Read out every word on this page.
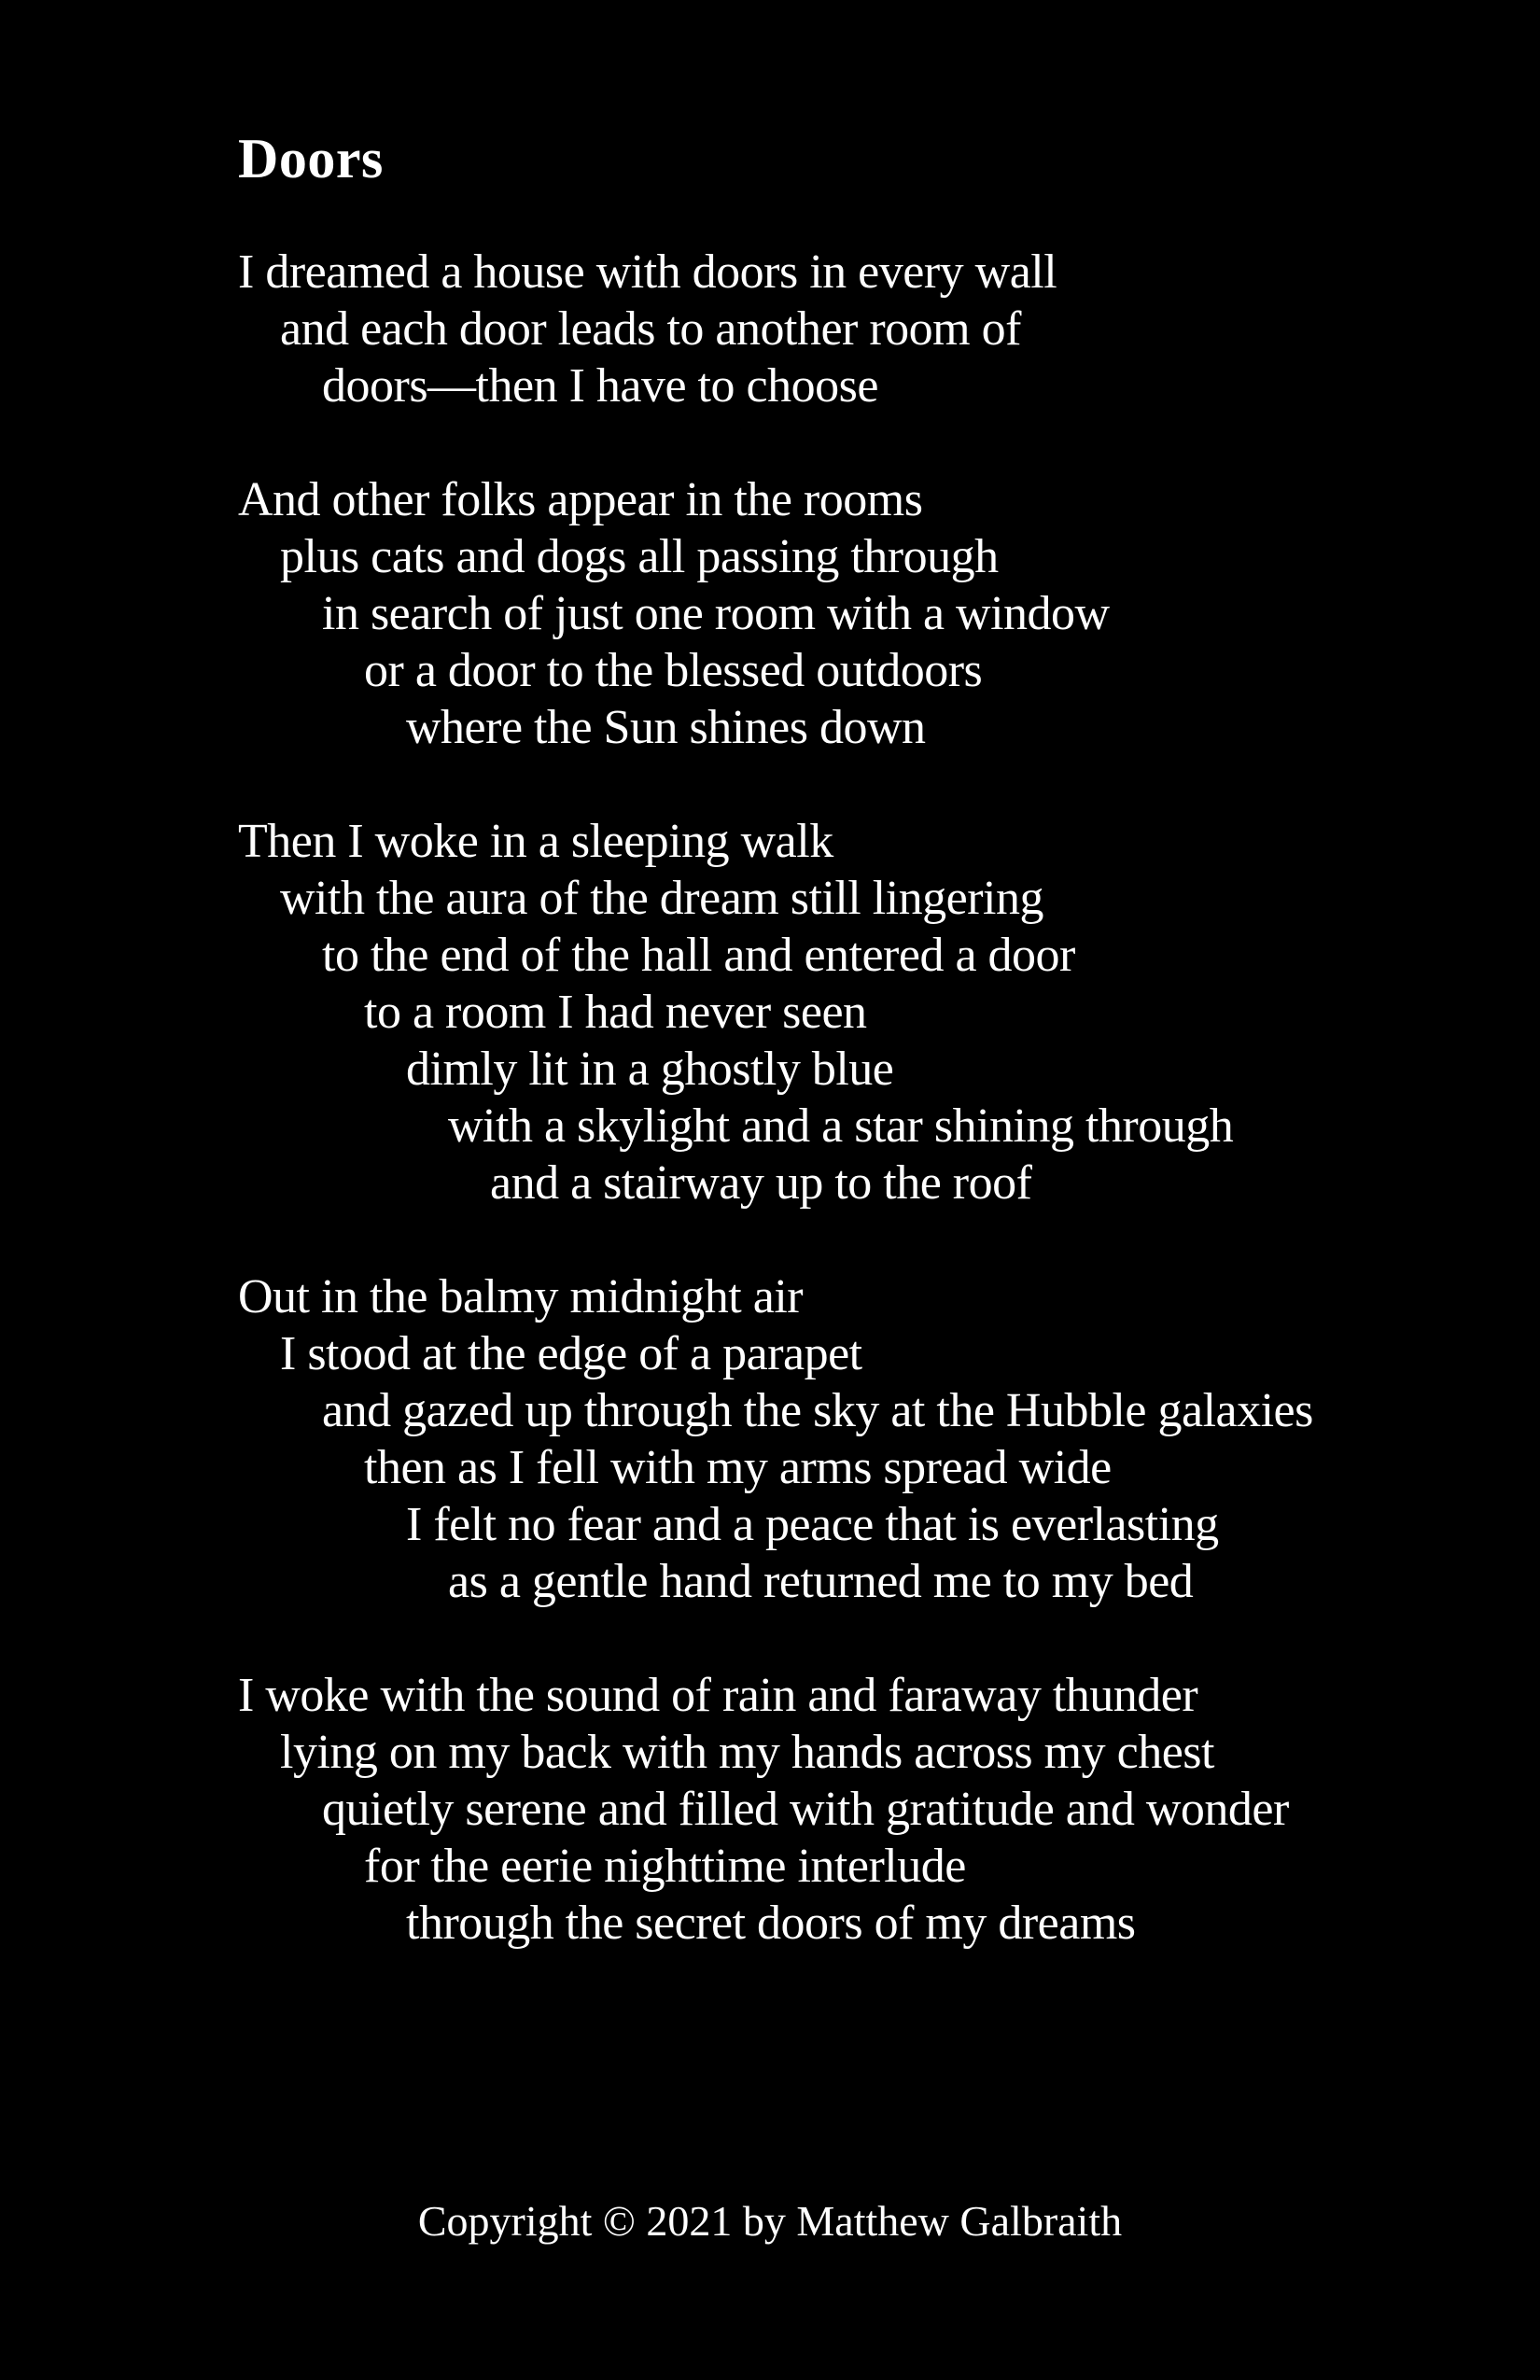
Doors
I dreamed a house with doors in every wall
and each door leads to another room of
doors—then I have to choose
And other folks appear in the rooms
plus cats and dogs all passing through
in search of just one room with a window
or a door to the blessed outdoors
where the Sun shines down
Then I woke in a sleeping walk
with the aura of the dream still lingering
to the end of the hall and entered a door
to a room I had never seen
dimly lit in a ghostly blue
with a skylight and a star shining through
and a stairway up to the roof
Out in the balmy midnight air
I stood at the edge of a parapet
and gazed up through the sky at the Hubble galaxies
then as I fell with my arms spread wide
I felt no fear and a peace that is everlasting
as a gentle hand returned me to my bed
I woke with the sound of rain and faraway thunder
lying on my back with my hands across my chest
quietly serene and filled with gratitude and wonder
for the eerie nighttime interlude
through the secret doors of my dreams
Copyright © 2021 by Matthew Galbraith
